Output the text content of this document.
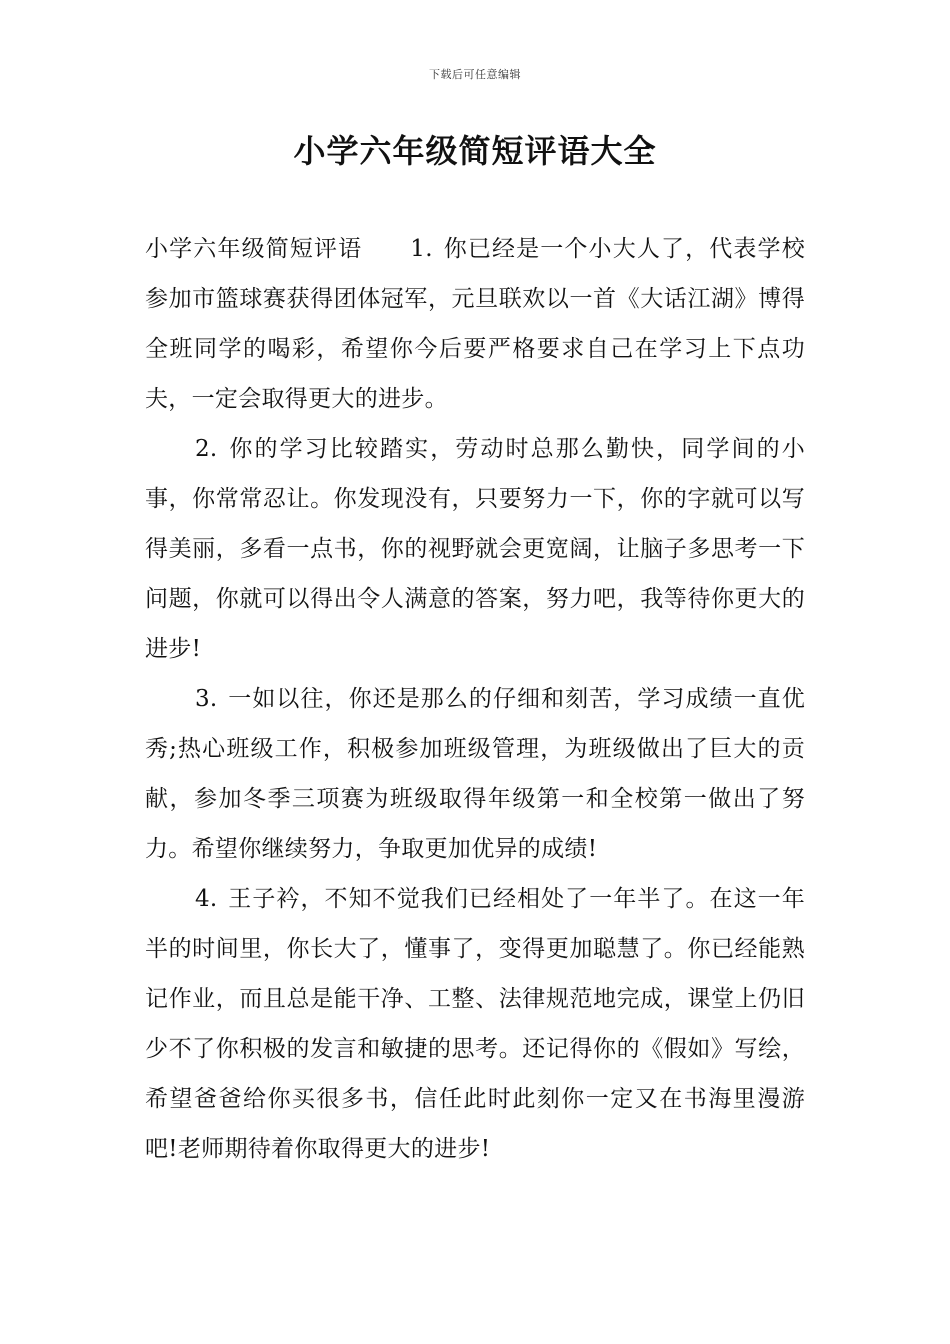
下载后可任意编辑
小学六年级简短评语大全

小学六年级简短评语 1. 你已经是一个小大人了，代表学校参加市篮球赛获得团体冠军，元旦联欢以一首《大话江湖》博得全班同学的喝彩，希望你今后要严格要求自己在学习上下点功夫，一定会取得更大的进步。

2. 你的学习比较踏实，劳动时总那么勤快，同学间的小事，你常常忍让。你发现没有，只要努力一下，你的字就可以写得美丽，多看一点书，你的视野就会更宽阔，让脑子多思考一下问题，你就可以得出令人满意的答案，努力吧，我等待你更大的进步!

3. 一如以往，你还是那么的仔细和刻苦，学习成绩一直优秀;热心班级工作，积极参加班级管理，为班级做出了巨大的贡献，参加冬季三项赛为班级取得年级第一和全校第一做出了努力。希望你继续努力，争取更加优异的成绩!

4. 王子衿，不知不觉我们已经相处了一年半了。在这一年半的时间里，你长大了，懂事了，变得更加聪慧了。你已经能熟记作业，而且总是能干净、工整、法律规范地完成，课堂上仍旧少不了你积极的发言和敏捷的思考。还记得你的《假如》写绘，希望爸爸给你买很多书，信任此时此刻你一定又在书海里漫游吧!老师期待着你取得更大的进步!
